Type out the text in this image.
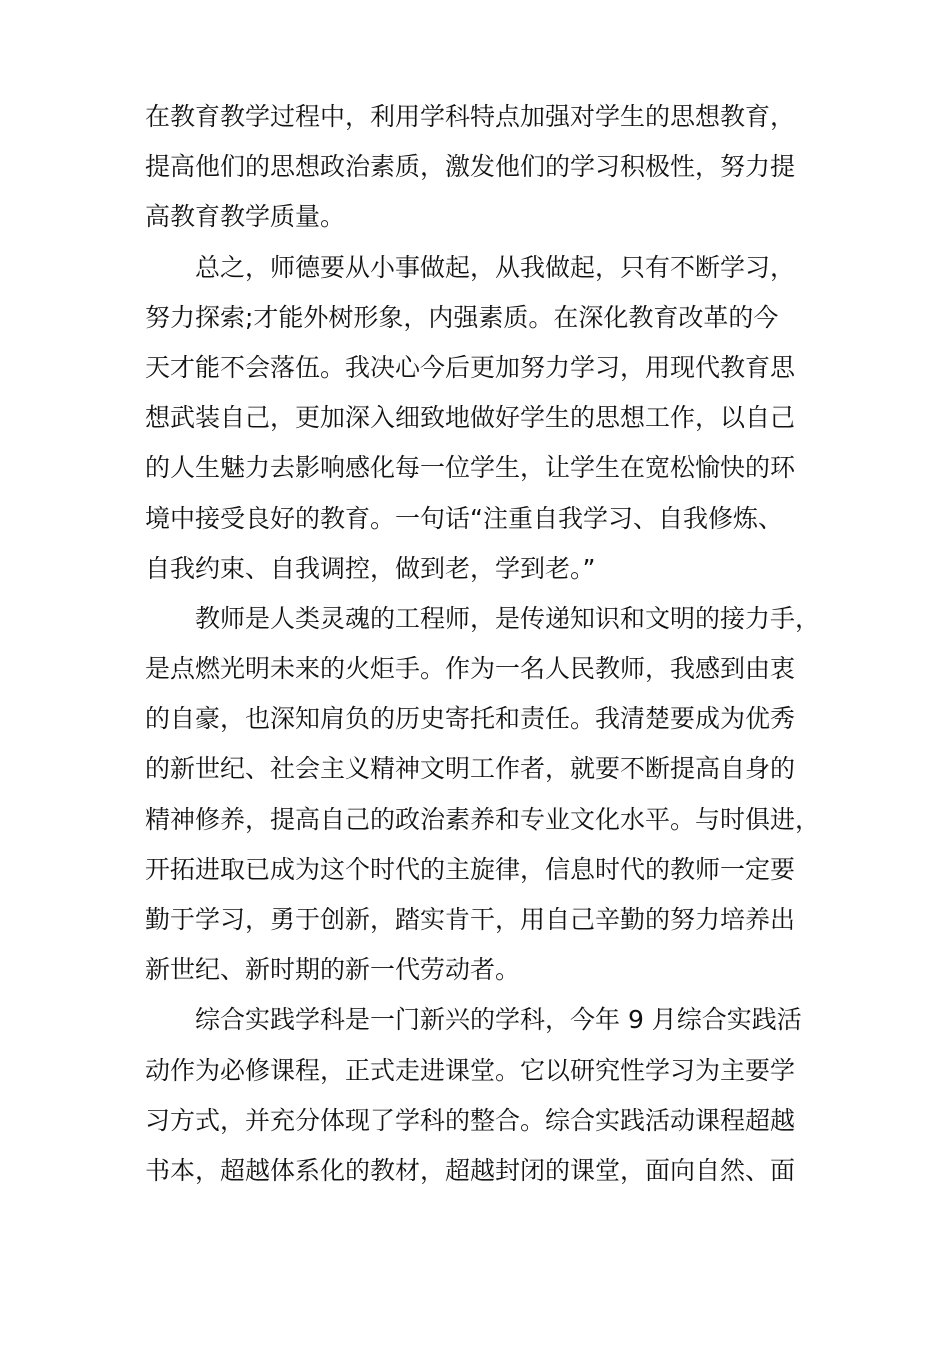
在教育教学过程中，利用学科特点加强对学生的思想教育，
提高他们的思想政治素质，激发他们的学习积极性，努力提
高教育教学质量。
　　总之，师德要从小事做起，从我做起，只有不断学习，
努力探索;才能外树形象，内强素质。在深化教育改革的今
天才能不会落伍。我决心今后更加努力学习，用现代教育思
想武装自己，更加深入细致地做好学生的思想工作，以自己
的人生魅力去影响感化每一位学生，让学生在宽松愉快的环
境中接受良好的教育。一句话“注重自我学习、自我修炼、
自我约束、自我调控，做到老，学到老。”
　　教师是人类灵魂的工程师，是传递知识和文明的接力手，
是点燃光明未来的火炬手。作为一名人民教师，我感到由衷
的自豪，也深知肩负的历史寄托和责任。我清楚要成为优秀
的新世纪、社会主义精神文明工作者，就要不断提高自身的
精神修养，提高自己的政治素养和专业文化水平。与时俱进，
开拓进取已成为这个时代的主旋律，信息时代的教师一定要
勤于学习，勇于创新，踏实肯干，用自己辛勤的努力培养出
新世纪、新时期的新一代劳动者。
　　综合实践学科是一门新兴的学科，今年 9 月综合实践活
动作为必修课程，正式走进课堂。它以研究性学习为主要学
习方式，并充分体现了学科的整合。综合实践活动课程超越
书本，超越体系化的教材，超越封闭的课堂，面向自然、面
